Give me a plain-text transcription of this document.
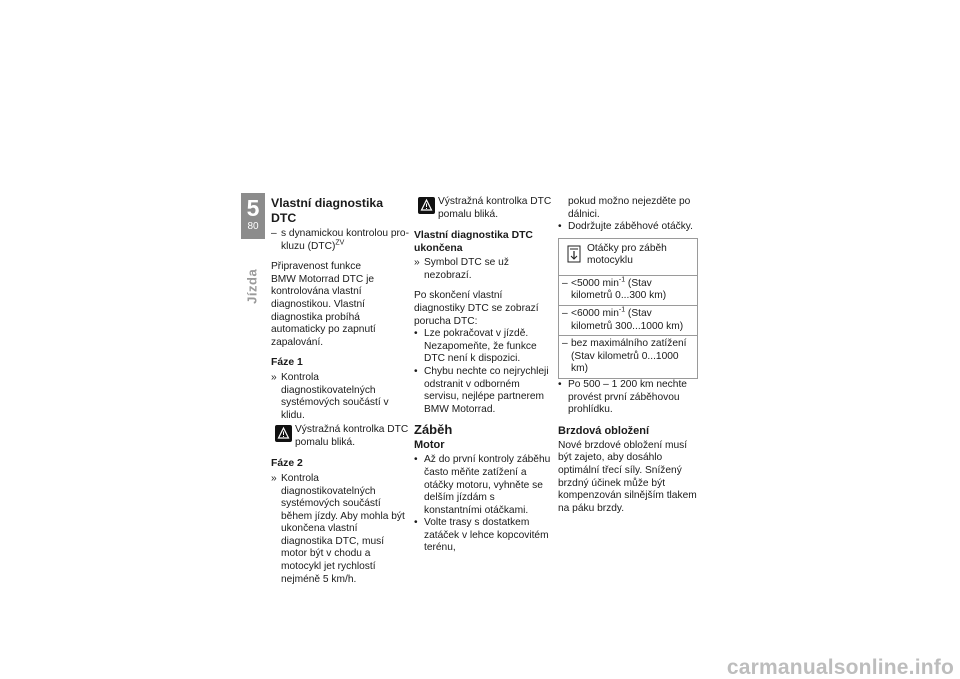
5
80
Jízda
Vlastní diagnostika DTC
– s dynamickou kontrolou prokluzu (DTC)$^{ZV}$

Připravenost funkce

BMW Motorrad DTC je kontrolována vlastní diagnostikou. Vlastní diagnostika probíhá automaticky po zapnutí zapalování.

Fáze 1
» Kontrola diagnostikovatelných systémových součástí v klidu.
Výstražná kontrolka DTC pomalu bliká.
Fáze 2
» Kontrola diagnostikovatelných systémových součástí během jízdy. Aby mohla být ukončena vlastní diagnostika DTC, musí motor být v chodu a motocykl jet rychlostí nejméně 5 km/h.
Výstražná kontrolka DTC pomalu bliká.
Vlastní diagnostika DTC ukončena
» Symbol DTC se už nezobrazí.

Po skončení vlastní diagnostiky DTC se zobrazí porucha DTC:

• Lze pokračovat v jízdě. Nezapomeňte, že funkce DTC není k dispozici.
• Chybu nechte co nejrychleji odstranit v odborném servisu, nejlépe partnerem BMW Motorrad.
Záběh
Motor
• Až do první kontroly záběhu často měňte zatížení a otáčky motoru, vyhněte se delším jízdám s konstantními otáčkami.
• Volte trasy s dostatkem zatáček v lehce kopcovitém terénu,

pokud možno nejezděte po dálnici.

• Dodržujte záběhové otáčky.
Otáčky pro záběh motocyklu
– <5000 $\min^{-1}$ (Stav kilometrů 0...300 km)
– <6000 $\min^{-1}$ (Stav kilometrů 300...1000 km)
– bez maximálního zatížení (Stav kilometrů 0...1000 km)
• Po 500 – 1 200 km nechte provést první záběhovou prohlídku.
Brzdová obložení

Nové brzdové obložení musí být zajeto, aby dosáhlo optimální třecí síly. Snížený brzdný účinek může být kompenzován silnějším tlakem na páku brzdy.

carmanualsonline.info
